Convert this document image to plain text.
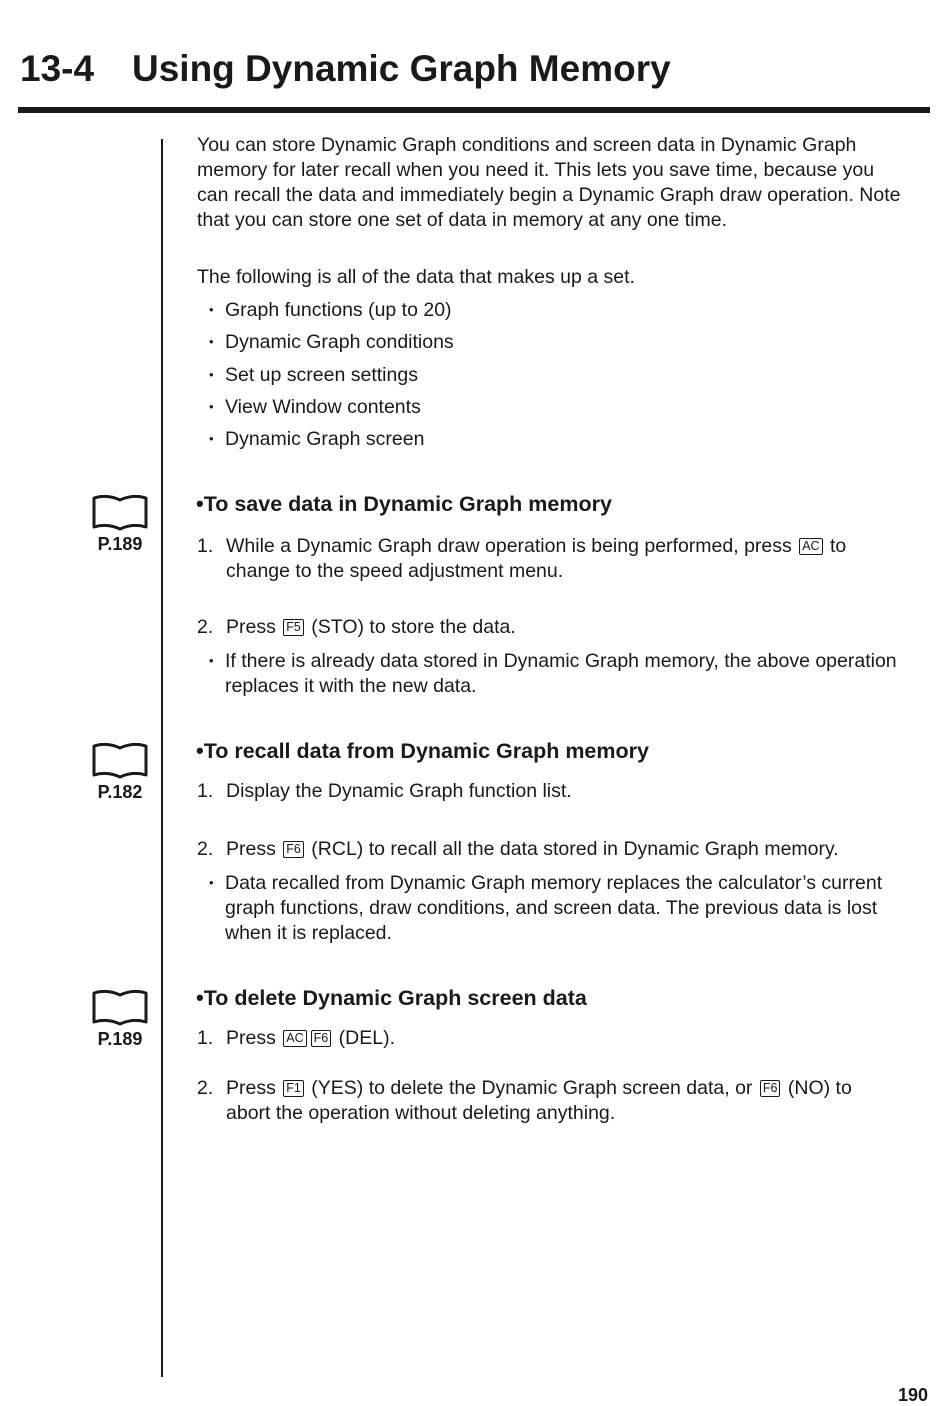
13-4 Using Dynamic Graph Memory

You can store Dynamic Graph conditions and screen data in Dynamic Graph

memory for later recall when you need it. This lets you save time, because you

can recall the data and immediately begin a Dynamic Graph draw operation. Note

that you can store one set of data in memory at any one time.

The following is all of the data that makes up a set.

• Graph functions (up to 20)
• Dynamic Graph conditions
• Set up screen settings
• View Window contents
• Dynamic Graph screen
P.189
•To save data in Dynamic Graph memory
1. While a Dynamic Graph draw operation is being performed, press AC to
change to the speed adjustment menu.
2. Press F5 (STO) to store the data.
• If there is already data stored in Dynamic Graph memory, the above operation
replaces it with the new data.
P.182
•To recall data from Dynamic Graph memory
1. Display the Dynamic Graph function list.
2. Press F6 (RCL) to recall all the data stored in Dynamic Graph memory.
• Data recalled from Dynamic Graph memory replaces the calculator’s current
graph functions, draw conditions, and screen data. The previous data is lost
when it is replaced.
P.189
•To delete Dynamic Graph screen data
1. Press AC F6 (DEL).
2. Press F1 (YES) to delete the Dynamic Graph screen data, or F6 (NO) to
abort the operation without deleting anything.
190
